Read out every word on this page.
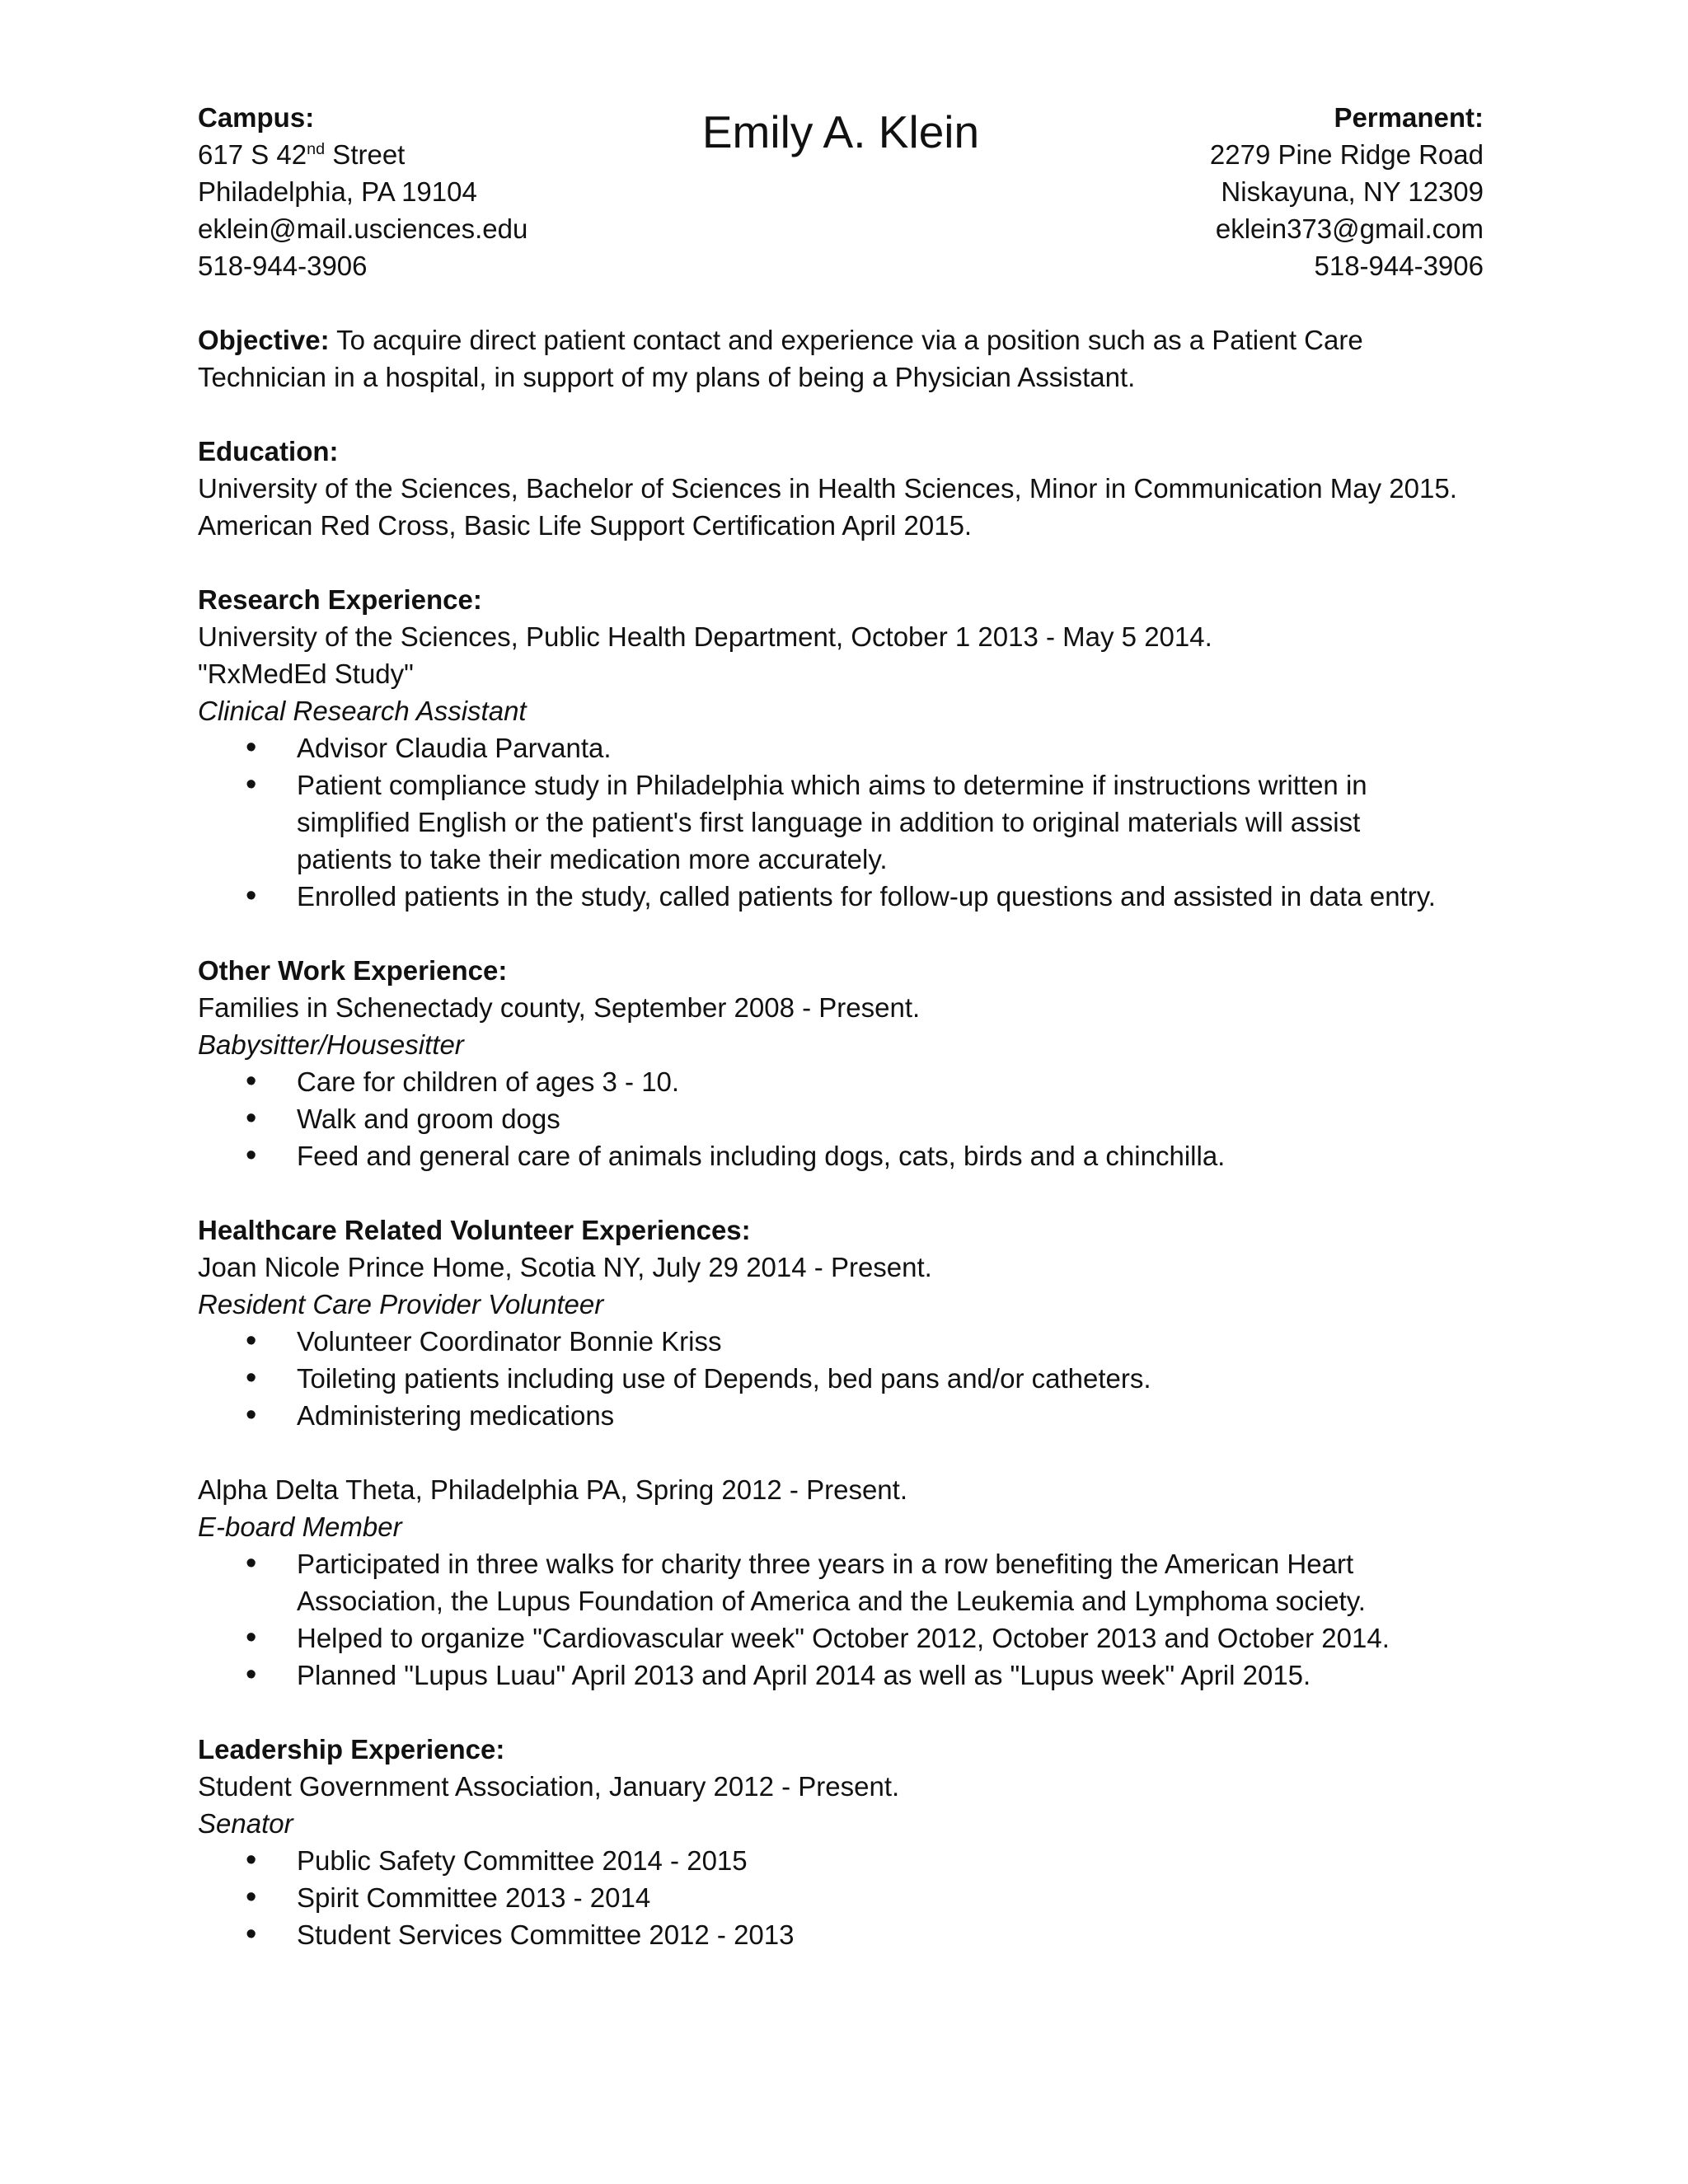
Campus:
617 S 42nd Street
Philadelphia, PA 19104
eklein@mail.usciences.edu
518-944-3906
Emily A. Klein	Permanent:
2279 Pine Ridge Road
Niskayuna, NY 12309
eklein373@gmail.com
518-944-3906
Objective: To acquire direct patient contact and experience via a position such as a Patient Care
Technician in a hospital, in support of my plans of being a Physician Assistant.
Education:
University of the Sciences, Bachelor of Sciences in Health Sciences, Minor in Communication May 2015.
American Red Cross, Basic Life Support Certification April 2015.
Research Experience:
University of the Sciences, Public Health Department, October 1 2013 - May 5 2014.
"RxMedEd Study"
Clinical Research Assistant
• Advisor Claudia Parvanta.
• Patient compliance study in Philadelphia which aims to determine if instructions written in
simplified English or the patient's first language in addition to original materials will assist
patients to take their medication more accurately.
• Enrolled patients in the study, called patients for follow-up questions and assisted in data entry.
Other Work Experience:
Families in Schenectady county, September 2008 - Present.
Babysitter/Housesitter
• Care for children of ages 3 - 10.
• Walk and groom dogs
• Feed and general care of animals including dogs, cats, birds and a chinchilla.
Healthcare Related Volunteer Experiences:
Joan Nicole Prince Home, Scotia NY, July 29 2014 - Present.
Resident Care Provider Volunteer
• Volunteer Coordinator Bonnie Kriss
• Toileting patients including use of Depends, bed pans and/or catheters.
• Administering medications
Alpha Delta Theta, Philadelphia PA, Spring 2012 - Present.
E-board Member
• Participated in three walks for charity three years in a row benefiting the American Heart
Association, the Lupus Foundation of America and the Leukemia and Lymphoma society.
• Helped to organize "Cardiovascular week" October 2012, October 2013 and October 2014.
• Planned "Lupus Luau" April 2013 and April 2014 as well as "Lupus week" April 2015.
Leadership Experience:
Student Government Association, January 2012 - Present.
Senator
• Public Safety Committee 2014 - 2015
• Spirit Committee 2013 - 2014
• Student Services Committee 2012 - 2013
